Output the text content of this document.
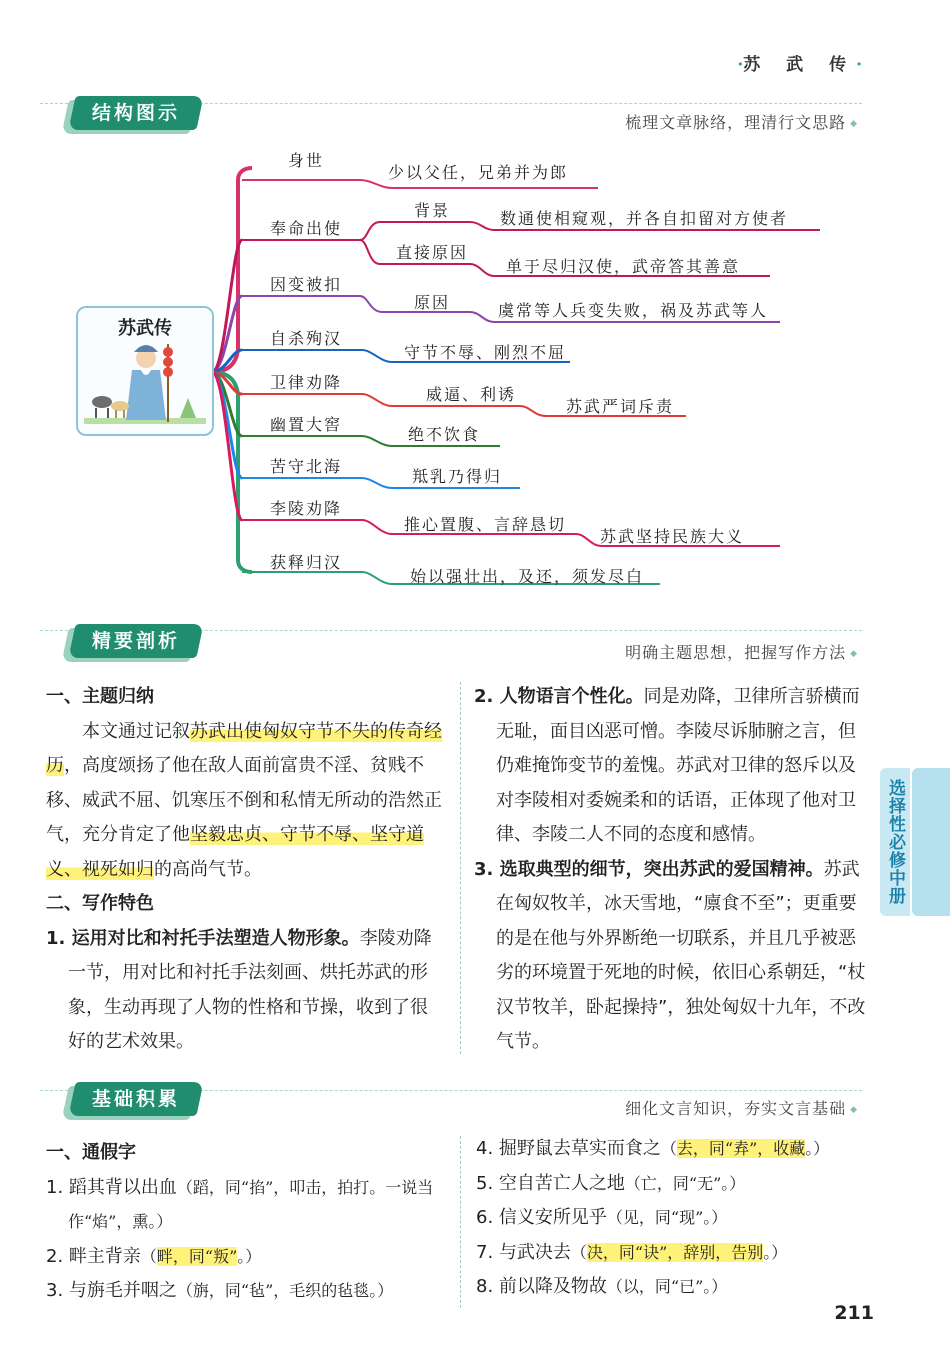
·苏 武 传·
结构图示	梳理文章脉络，理清行文思路 ◆
苏武传
身世
少以父任，兄弟并为郎
奉命出使
背景	数通使相窥观，并各自扣留对方使者
直接原因
单于尽归汉使，武帝答其善意
因变被扣
原因	虞常等人兵变失败，祸及苏武等人
自杀殉汉
守节不辱、刚烈不屈
卫律劝降
威逼、利诱
苏武严词斥责
幽置大窖
绝不饮食
苦守北海
羝乳乃得归
李陵劝降
推心置腹、言辞恳切
苏武坚持民族大义
获释归汉
始以强壮出，及还，须发尽白
精要剖析
明确主题思想，把握写作方法 ◆

一、主题归纳

本文通过记叙苏武出使匈奴守节不失的传奇经历，高度颂扬了他在敌人面前富贵不淫、贫贱不移、威武不屈、饥寒压不倒和私情无所动的浩然正气，充分肯定了他坚毅忠贞、守节不辱、坚守道义、视死如归的高尚气节。

二、写作特色

1. 运用对比和衬托手法塑造人物形象。李陵劝降一节，用对比和衬托手法刻画、烘托苏武的形象，生动再现了人物的性格和节操，收到了很好的艺术效果。

2. 人物语言个性化。同是劝降，卫律所言骄横而无耻，面目凶恶可憎。李陵尽诉肺腑之言，但仍难掩饰变节的羞愧。苏武对卫律的怒斥以及对李陵相对委婉柔和的话语，正体现了他对卫律、李陵二人不同的态度和感情。

3. 选取典型的细节，突出苏武的爱国精神。苏武在匈奴牧羊，冰天雪地，“廪食不至”；更重要的是在他与外界断绝一切联系，并且几乎被恶劣的环境置于死地的时候，依旧心系朝廷，“杖汉节牧羊，卧起操持”，独处匈奴十九年，不改气节。

选择性必修中册
基础积累	细化文言知识，夯实文言基础 ◆

一、通假字

1. 蹈其背以出血（蹈，同“掐”，叩击，拍打。一说当作“焰”，熏。）

2. 畔主背亲（畔，同“叛”。）

3. 与旃毛并咽之（旃，同“毡”，毛织的毡毯。）

4. 掘野鼠去草实而食之（去，同“弆”，收藏。）

5. 空自苦亡人之地（亡，同“无”。）

6. 信义安所见乎（见，同“现”。）

7. 与武决去（决，同“诀”，辞别，告别。）

8. 前以降及物故（以，同“已”。）

211
